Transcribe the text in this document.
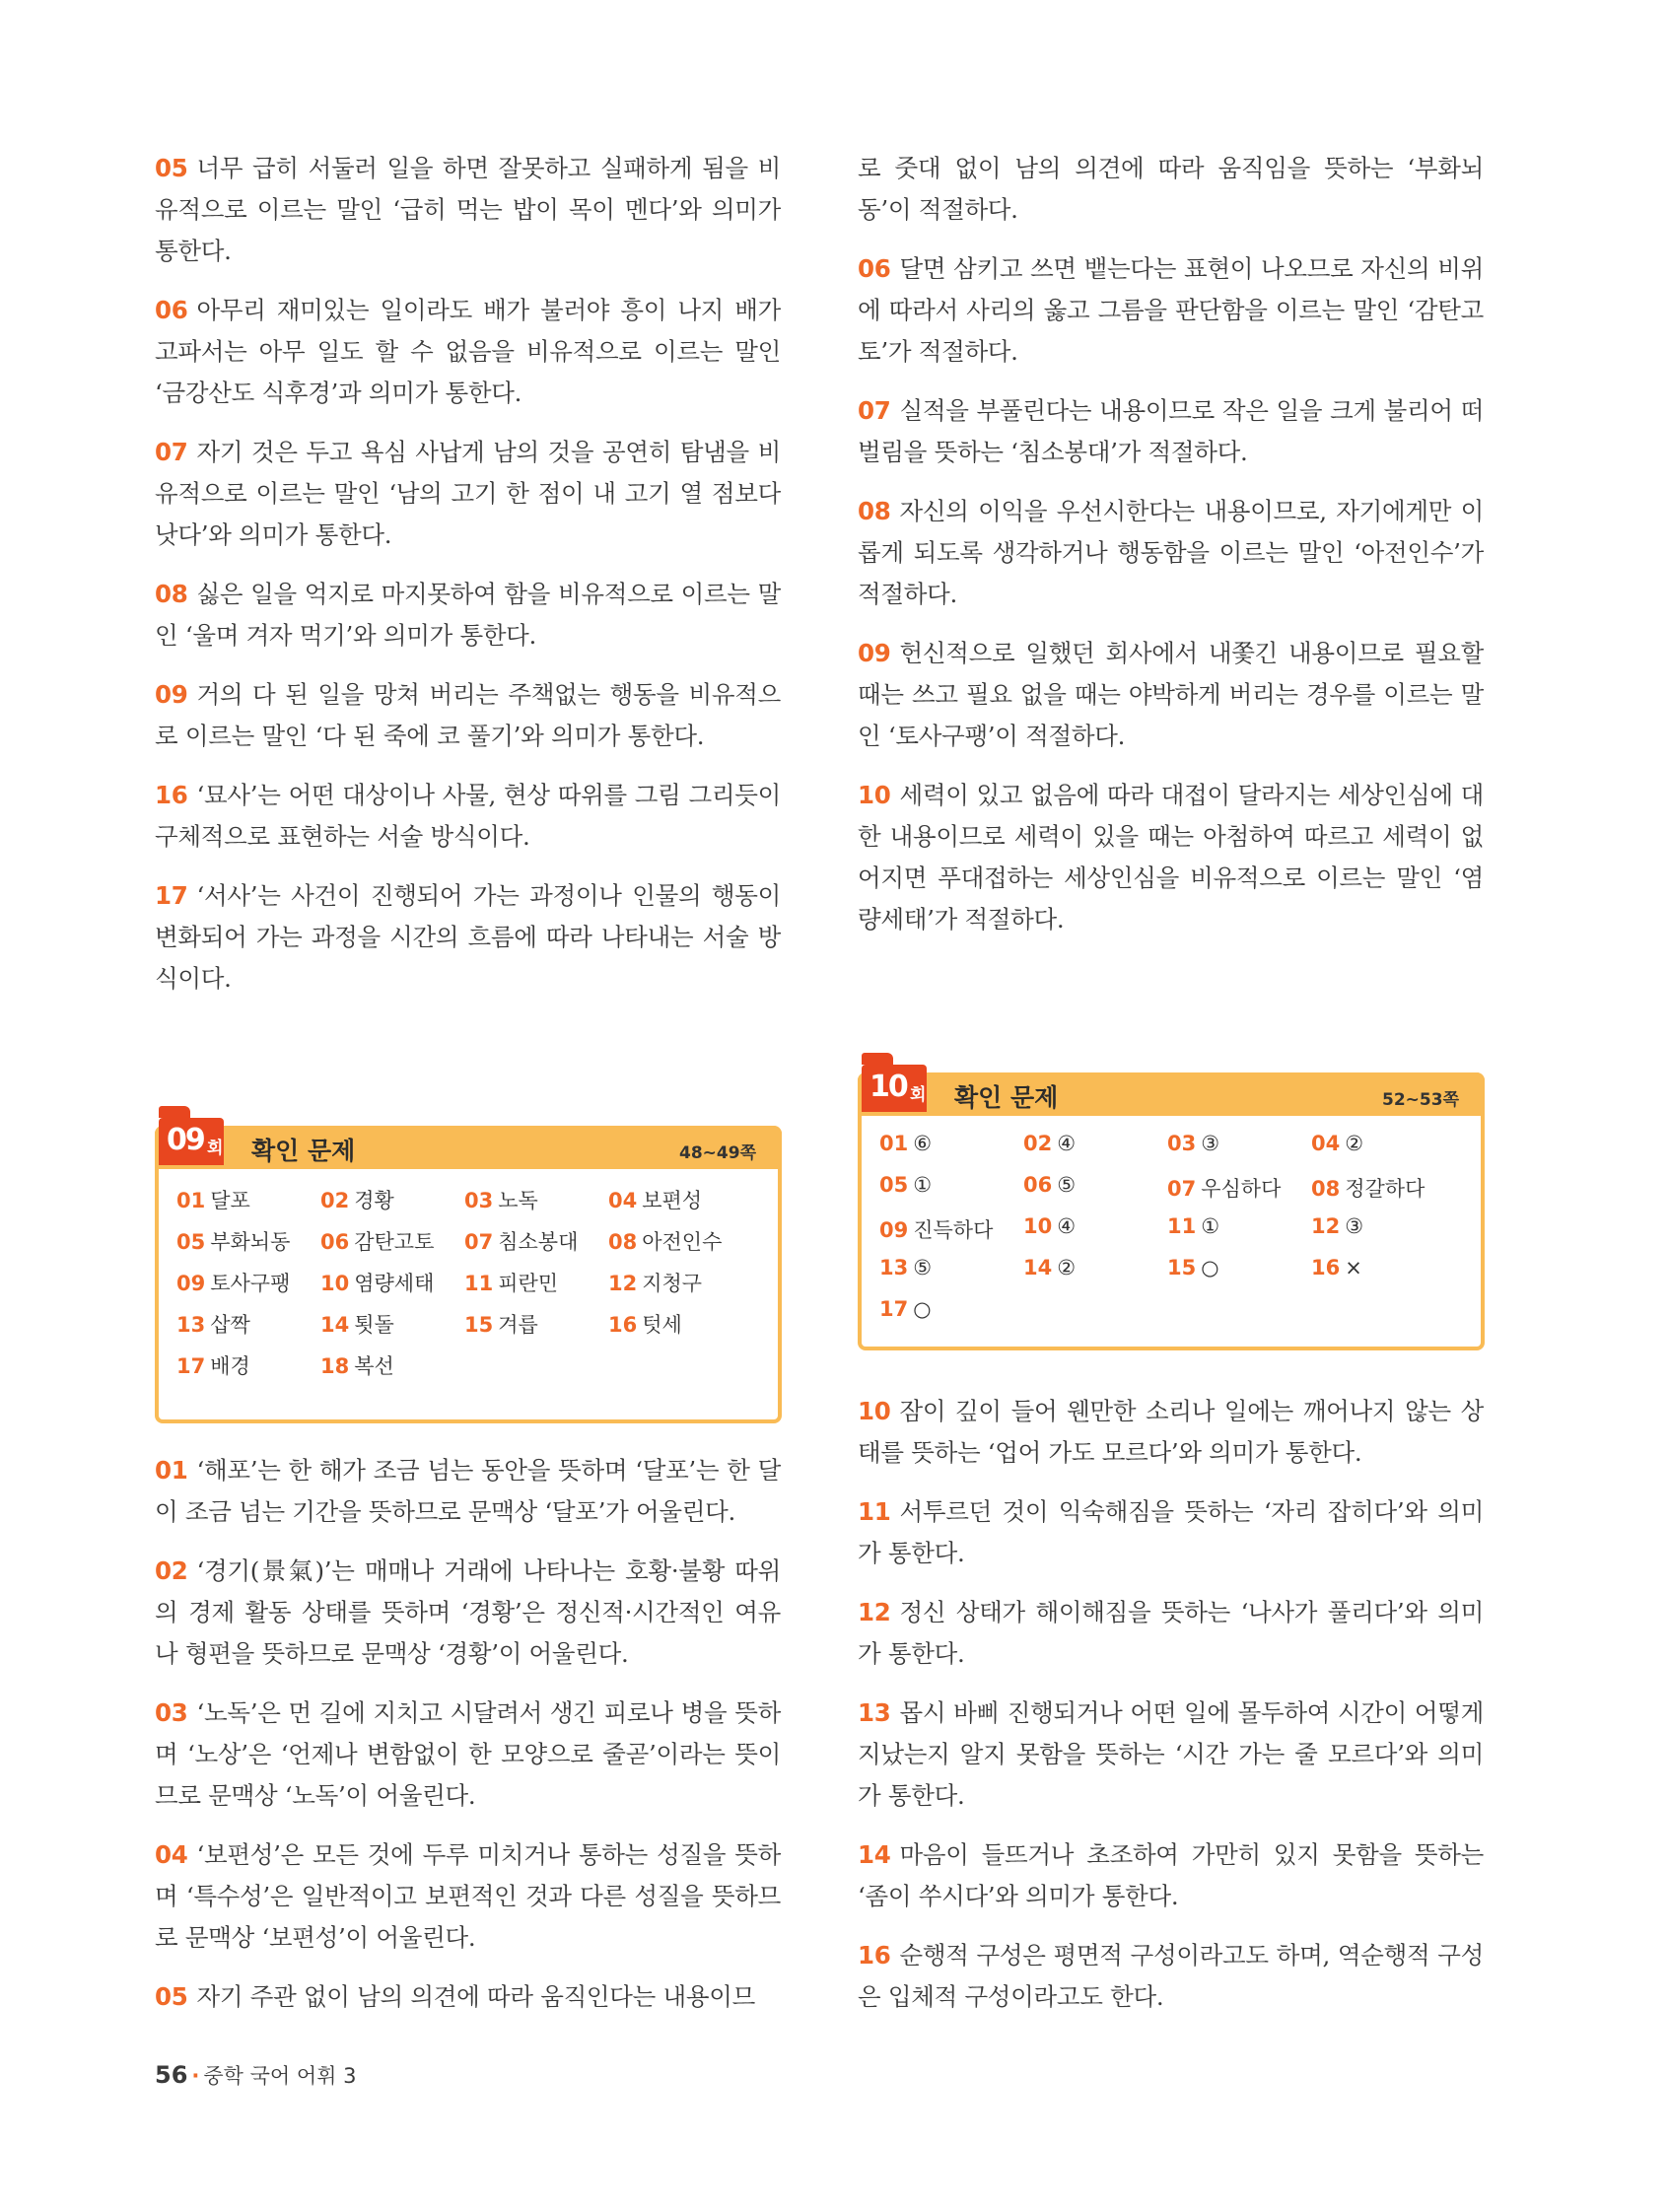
05 너무 급히 서둘러 일을 하면 잘못하고 실패하게 됨을 비유적으로 이르는 말인 ‘급히 먹는 밥이 목이 멘다’와 의미가 통한다.

06 아무리 재미있는 일이라도 배가 불러야 흥이 나지 배가 고파서는 아무 일도 할 수 없음을 비유적으로 이르는 말인 ‘금강산도 식후경’과 의미가 통한다.

07 자기 것은 두고 욕심 사납게 남의 것을 공연히 탐냄을 비유적으로 이르는 말인 ‘남의 고기 한 점이 내 고기 열 점보다 낫다’와 의미가 통한다.

08 싫은 일을 억지로 마지못하여 함을 비유적으로 이르는 말인 ‘울며 겨자 먹기’와 의미가 통한다.

09 거의 다 된 일을 망쳐 버리는 주책없는 행동을 비유적으로 이르는 말인 ‘다 된 죽에 코 풀기’와 의미가 통한다.

16 ‘묘사’는 어떤 대상이나 사물, 현상 따위를 그림 그리듯이 구체적으로 표현하는 서술 방식이다.

17 ‘서사’는 사건이 진행되어 가는 과정이나 인물의 행동이 변화되어 가는 과정을 시간의 흐름에 따라 나타내는 서술 방식이다.

로 줏대 없이 남의 의견에 따라 움직임을 뜻하는 ‘부화뇌동’이 적절하다.

06 달면 삼키고 쓰면 뱉는다는 표현이 나오므로 자신의 비위에 따라서 사리의 옳고 그름을 판단함을 이르는 말인 ‘감탄고토’가 적절하다.

07 실적을 부풀린다는 내용이므로 작은 일을 크게 불리어 떠벌림을 뜻하는 ‘침소봉대’가 적절하다.

08 자신의 이익을 우선시한다는 내용이므로, 자기에게만 이롭게 되도록 생각하거나 행동함을 이르는 말인 ‘아전인수’가 적절하다.

09 헌신적으로 일했던 회사에서 내쫓긴 내용이므로 필요할 때는 쓰고 필요 없을 때는 야박하게 버리는 경우를 이르는 말인 ‘토사구팽’이 적절하다.

10 세력이 있고 없음에 따라 대접이 달라지는 세상인심에 대한 내용이므로 세력이 있을 때는 아첨하여 따르고 세력이 없어지면 푸대접하는 세상인심을 비유적으로 이르는 말인 ‘염량세태’가 적절하다.

09 회 확인 문제	48~49쪽
01 달포	02 경황	03 노독	04 보편성
05 부화뇌동	06 감탄고토	07 침소봉대	08 아전인수
09 토사구팽	10 염량세태	11 피란민	12 지청구
13 삽짝	14 툇돌	15 겨릅	16 텃세
17 배경	18 복선
10 회 확인 문제	52~53쪽
01 ⑥	02 ④	03 ③	04 ②
05 ①	06 ⑤	07 우심하다	08 정갈하다
09 진득하다	10 ④	11 ①	12 ③
13 ⑤	14 ②	15 ○	16 ×
17 ○

01 ‘해포’는 한 해가 조금 넘는 동안을 뜻하며 ‘달포’는 한 달이 조금 넘는 기간을 뜻하므로 문맥상 ‘달포’가 어울린다.

02 ‘경기(景氣)’는 매매나 거래에 나타나는 호황·불황 따위의 경제 활동 상태를 뜻하며 ‘경황’은 정신적·시간적인 여유나 형편을 뜻하므로 문맥상 ‘경황’이 어울린다.

03 ‘노독’은 먼 길에 지치고 시달려서 생긴 피로나 병을 뜻하며 ‘노상’은 ‘언제나 변함없이 한 모양으로 줄곧’이라는 뜻이므로 문맥상 ‘노독’이 어울린다.

04 ‘보편성’은 모든 것에 두루 미치거나 통하는 성질을 뜻하며 ‘특수성’은 일반적이고 보편적인 것과 다른 성질을 뜻하므로 문맥상 ‘보편성’이 어울린다.

05 자기 주관 없이 남의 의견에 따라 움직인다는 내용이므

10 잠이 깊이 들어 웬만한 소리나 일에는 깨어나지 않는 상태를 뜻하는 ‘업어 가도 모르다’와 의미가 통한다.

11 서투르던 것이 익숙해짐을 뜻하는 ‘자리 잡히다’와 의미가 통한다.

12 정신 상태가 해이해짐을 뜻하는 ‘나사가 풀리다’와 의미가 통한다.

13 몹시 바삐 진행되거나 어떤 일에 몰두하여 시간이 어떻게 지났는지 알지 못함을 뜻하는 ‘시간 가는 줄 모르다’와 의미가 통한다.

14 마음이 들뜨거나 초조하여 가만히 있지 못함을 뜻하는 ‘좀이 쑤시다’와 의미가 통한다.

16 순행적 구성은 평면적 구성이라고도 하며, 역순행적 구성은 입체적 구성이라고도 한다.

56 · 중학 국어 어휘 3
